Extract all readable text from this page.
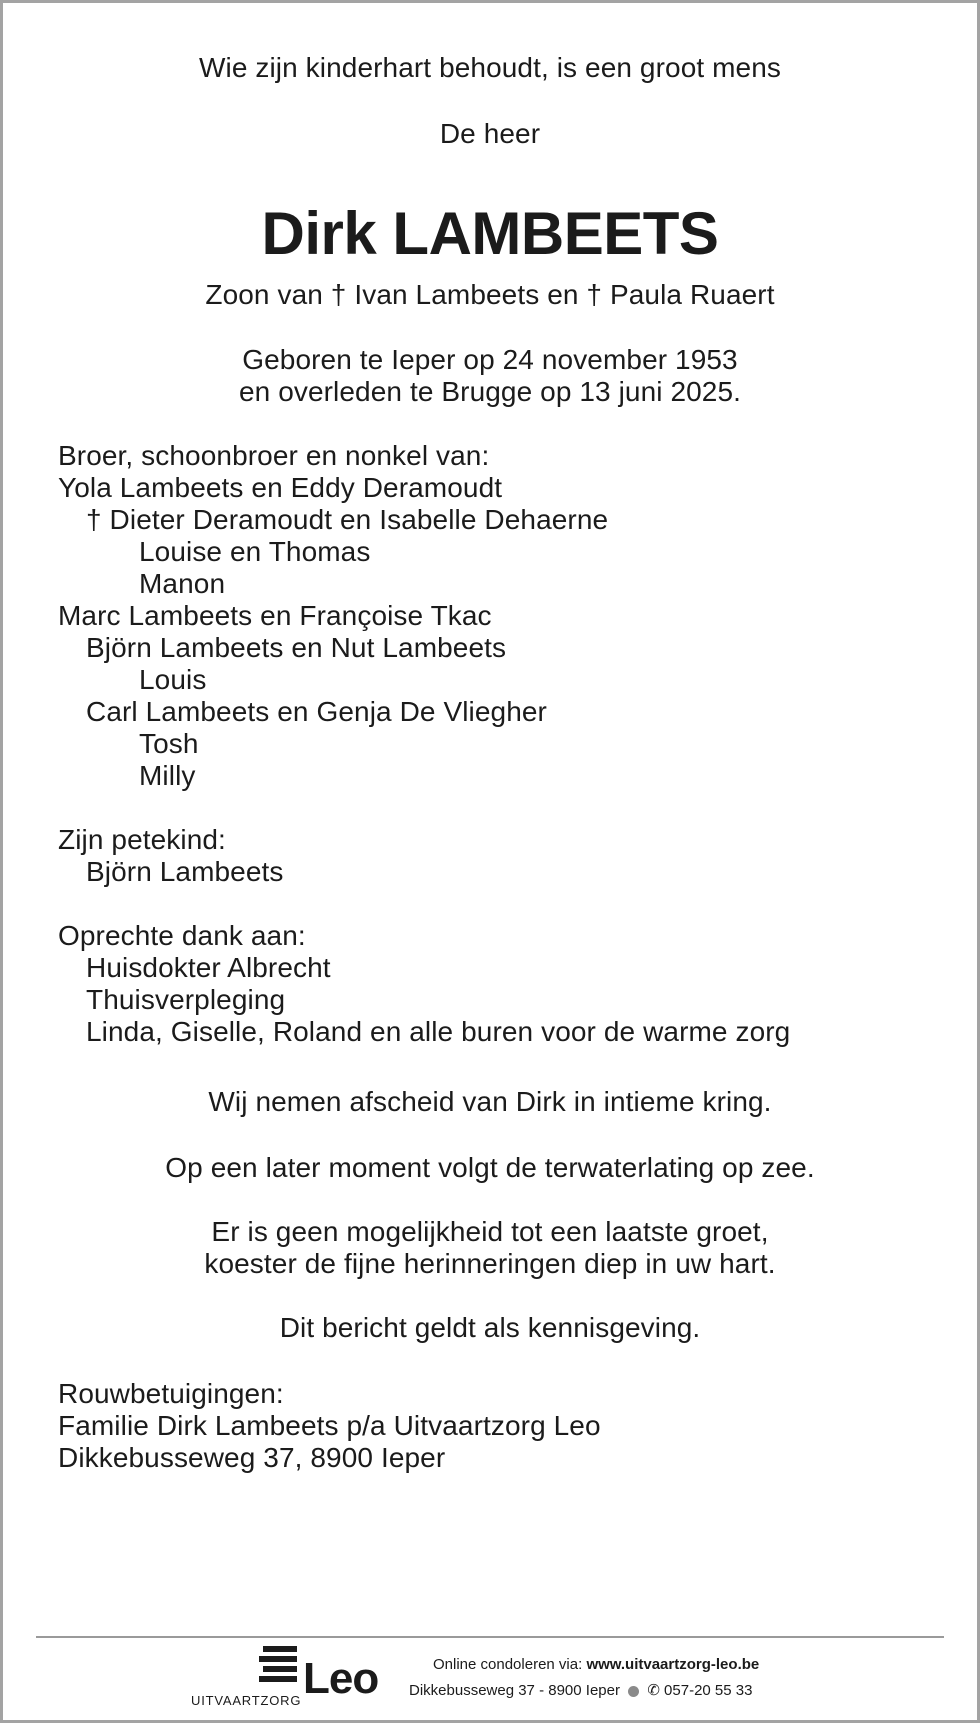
Wie zijn kinderhart behoudt, is een groot mens
De heer
Dirk LAMBEETS
Zoon van † Ivan Lambeets en † Paula Ruaert
Geboren te Ieper op 24 november 1953
en overleden te Brugge op 13 juni 2025.
Broer, schoonbroer en nonkel van:
Yola Lambeets en Eddy Deramoudt
† Dieter Deramoudt en Isabelle Dehaerne
Louise en Thomas
Manon
Marc Lambeets en Françoise Tkac
Björn Lambeets en Nut Lambeets
Louis
Carl Lambeets en Genja De Vliegher
Tosh
Milly
Zijn petekind:
Björn Lambeets
Oprechte dank aan:
Huisdokter Albrecht
Thuisverpleging
Linda, Giselle, Roland en alle buren voor de warme zorg
Wij nemen afscheid van Dirk in intieme kring.
Op een later moment volgt de terwaterlating op zee.
Er is geen mogelijkheid tot een laatste groet,
koester de fijne herinneringen diep in uw hart.
Dit bericht geldt als kennisgeving.
Rouwbetuigingen:
Familie Dirk Lambeets p/a Uitvaartzorg Leo
Dikkebusseweg 37, 8900 Ieper
Leo
UITVAARTZORG
Online condoleren via: www.uitvaartzorg-leo.be
Dikkebusseweg 37 - 8900 Ieper ✆ 057-20 55 33
